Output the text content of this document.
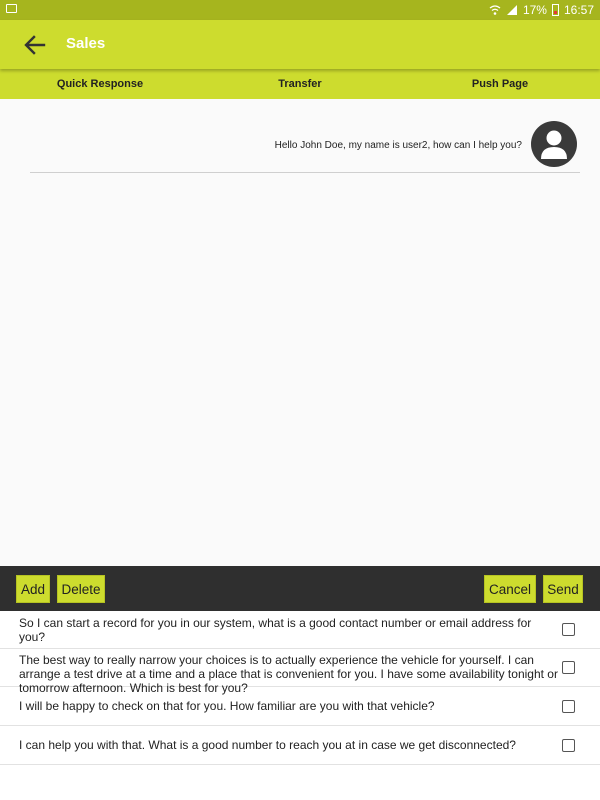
17% 16:57
Sales
Quick Response	Transfer	Push Page
Hello John Doe, my name is user2, how can I help you?
Add	Delete	Cancel	Send
So I can start a record for you in our system, what is a good contact number or email address for you?
The best way to really narrow your choices is to actually experience the vehicle for yourself. I can arrange a test drive at a time and a place that is convenient for you. I have some availability tonight or tomorrow afternoon. Which is best for you?
I will be happy to check on that for you. How familiar are you with that vehicle?
I can help you with that. What is a good number to reach you at in case we get disconnected?
